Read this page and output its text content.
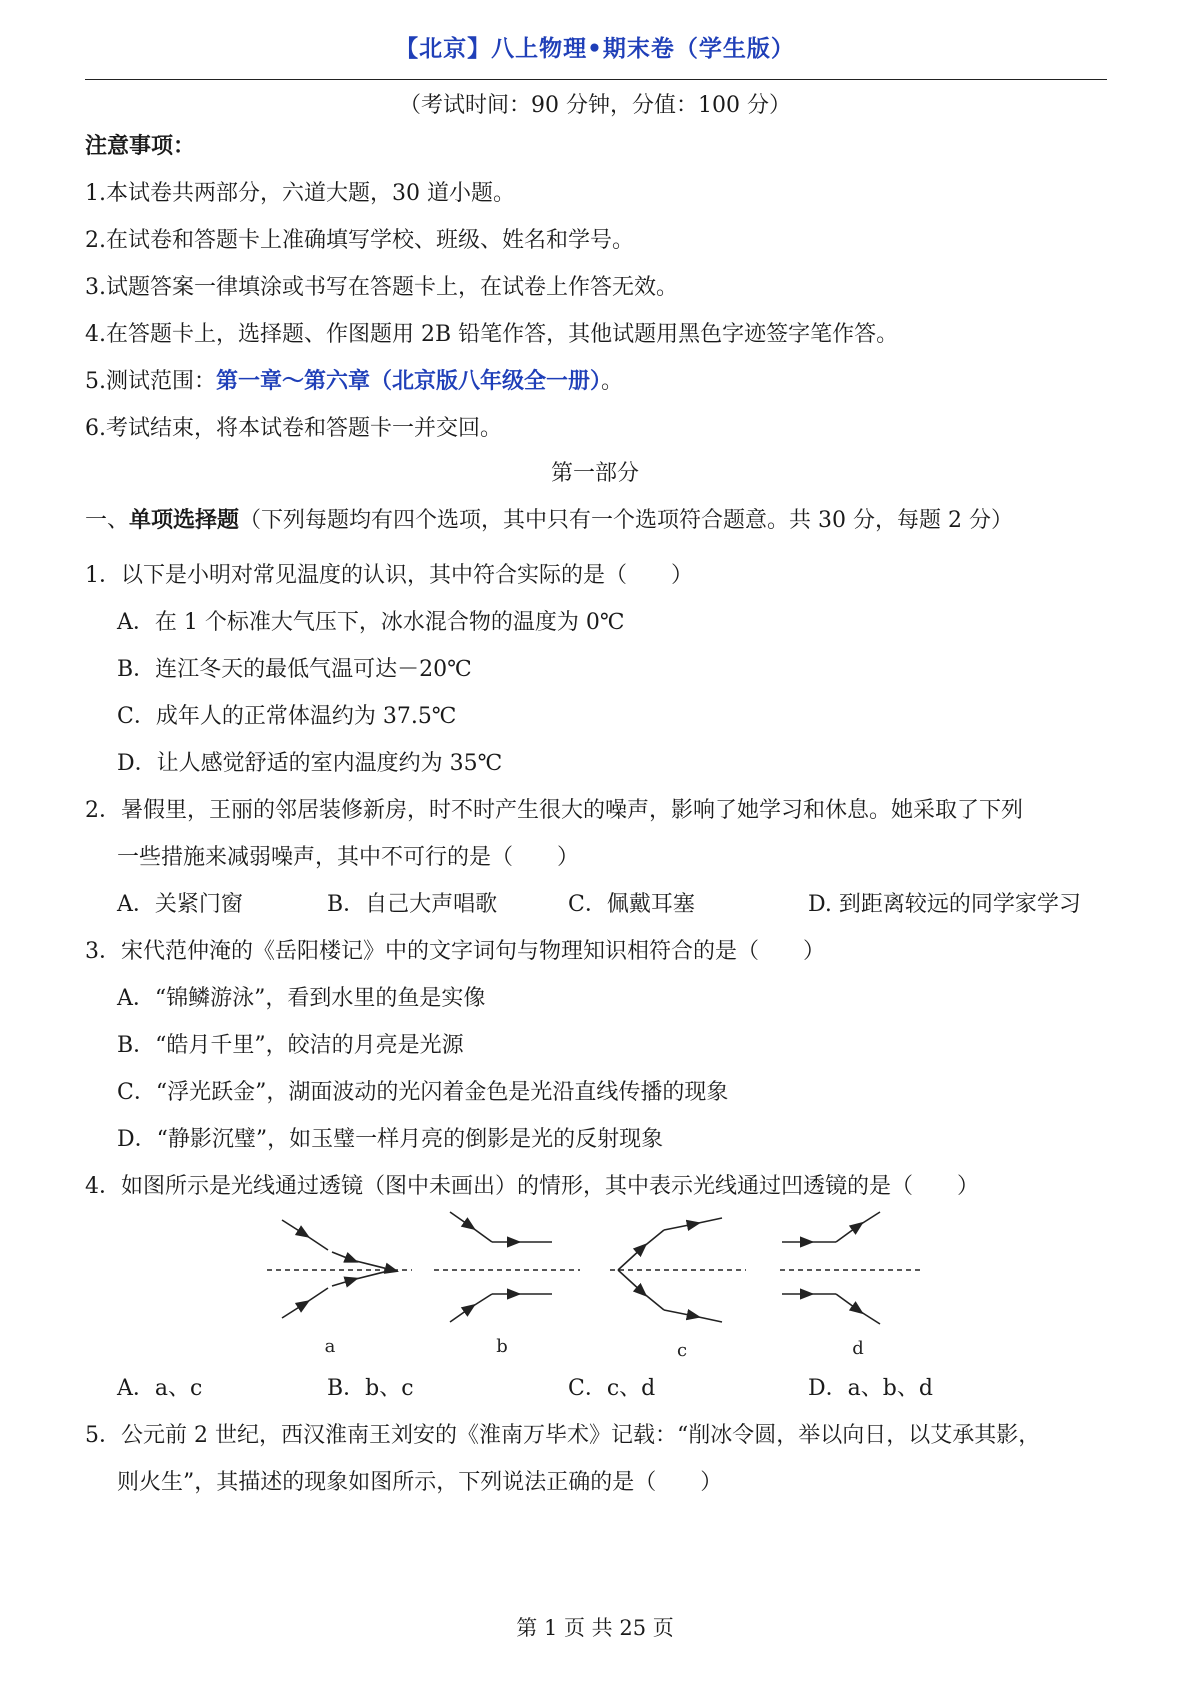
【北京】八上物理•期末卷（学生版）
（考试时间：90 分钟，分值：100 分）
注意事项：
1.本试卷共两部分，六道大题，30 道小题。
2.在试卷和答题卡上准确填写学校、班级、姓名和学号。
3.试题答案一律填涂或书写在答题卡上，在试卷上作答无效。
4.在答题卡上，选择题、作图题用 2B 铅笔作答，其他试题用黑色字迹签字笔作答。
5.测试范围：第一章～第六章（北京版八年级全一册）。
6.考试结束，将本试卷和答题卡一并交回。
第一部分
一、单项选择题（下列每题均有四个选项，其中只有一个选项符合题意。共 30 分，每题 2 分）
1．以下是小明对常见温度的认识，其中符合实际的是（　　）
A．在 1 个标准大气压下，冰水混合物的温度为 0℃
B．连江冬天的最低气温可达－20℃
C．成年人的正常体温约为 37.5℃
D．让人感觉舒适的室内温度约为 35℃
2．暑假里，王丽的邻居装修新房，时不时产生很大的噪声，影响了她学习和休息。她采取了下列
一些措施来减弱噪声，其中不可行的是（　　）
A．关紧门窗	B．自己大声唱歌	C．佩戴耳塞	D. 到距离较远的同学家学习
3．宋代范仲淹的《岳阳楼记》中的文字词句与物理知识相符合的是（　　）
A．“锦鳞游泳”，看到水里的鱼是实像
B．“皓月千里”，皎洁的月亮是光源
C．“浮光跃金”，湖面波动的光闪着金色是光沿直线传播的现象
D．“静影沉璧”，如玉璧一样月亮的倒影是光的反射现象
4．如图所示是光线通过透镜（图中未画出）的情形，其中表示光线通过凹透镜的是（　　）
a	b	c	d
A．a、c	B．b、c	C．c、d	D．a、b、d
5．公元前 2 世纪，西汉淮南王刘安的《淮南万毕术》记载：“削冰令圆，举以向日，以艾承其影，
则火生”，其描述的现象如图所示，下列说法正确的是（　　）
第 1 页 共 25 页
